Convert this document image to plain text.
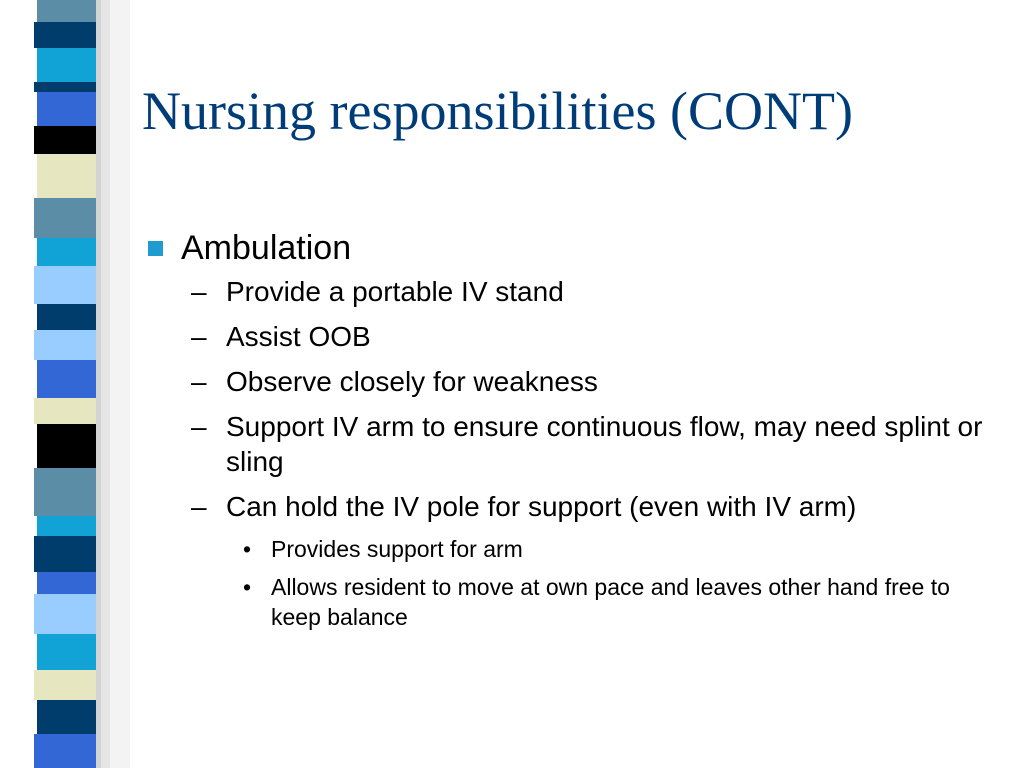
Nursing responsibilities (CONT)
Ambulation
– Provide a portable IV stand
– Assist OOB
– Observe closely for weakness
– Support IV arm to ensure continuous flow, may need splint or sling
– Can hold the IV pole for support (even with IV arm)
• Provides support for arm
• Allows resident to move at own pace and leaves other hand free to keep balance
